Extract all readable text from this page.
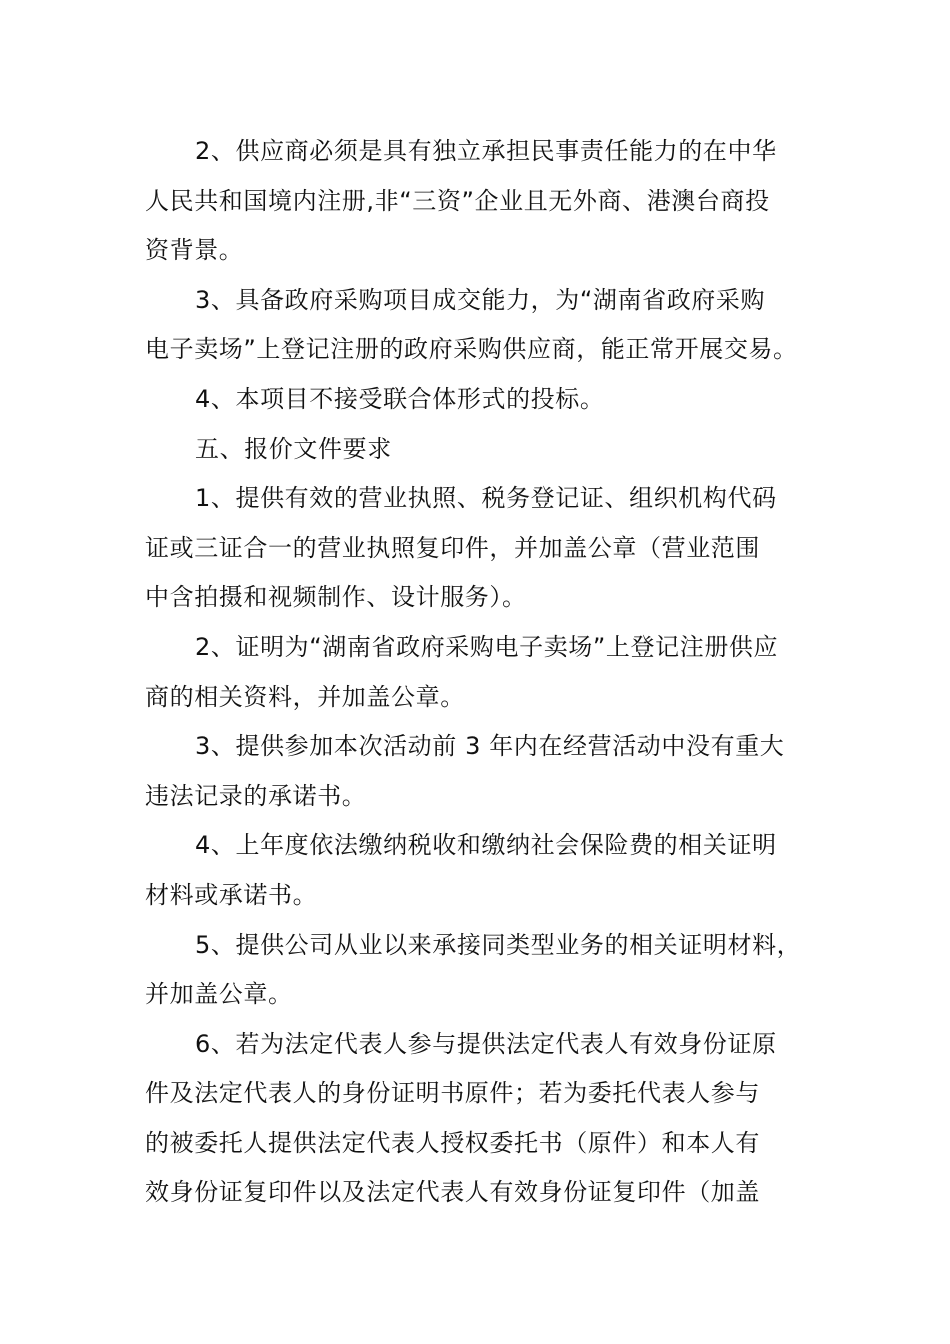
2、供应商必须是具有独立承担民事责任能力的在中华
人民共和国境内注册,非“三资”企业且无外商、港澳台商投
资背景。
3、具备政府采购项目成交能力，为“湖南省政府采购
电子卖场”上登记注册的政府采购供应商，能正常开展交易。
4、本项目不接受联合体形式的投标。
五、报价文件要求
1、提供有效的营业执照、税务登记证、组织机构代码
证或三证合一的营业执照复印件，并加盖公章（营业范围
中含拍摄和视频制作、设计服务）。
2、证明为“湖南省政府采购电子卖场”上登记注册供应
商的相关资料，并加盖公章。
3、提供参加本次活动前 3 年内在经营活动中没有重大
违法记录的承诺书。
4、上年度依法缴纳税收和缴纳社会保险费的相关证明
材料或承诺书。
5、提供公司从业以来承接同类型业务的相关证明材料，
并加盖公章。
6、若为法定代表人参与提供法定代表人有效身份证原
件及法定代表人的身份证明书原件；若为委托代表人参与
的被委托人提供法定代表人授权委托书（原件）和本人有
效身份证复印件以及法定代表人有效身份证复印件（加盖
